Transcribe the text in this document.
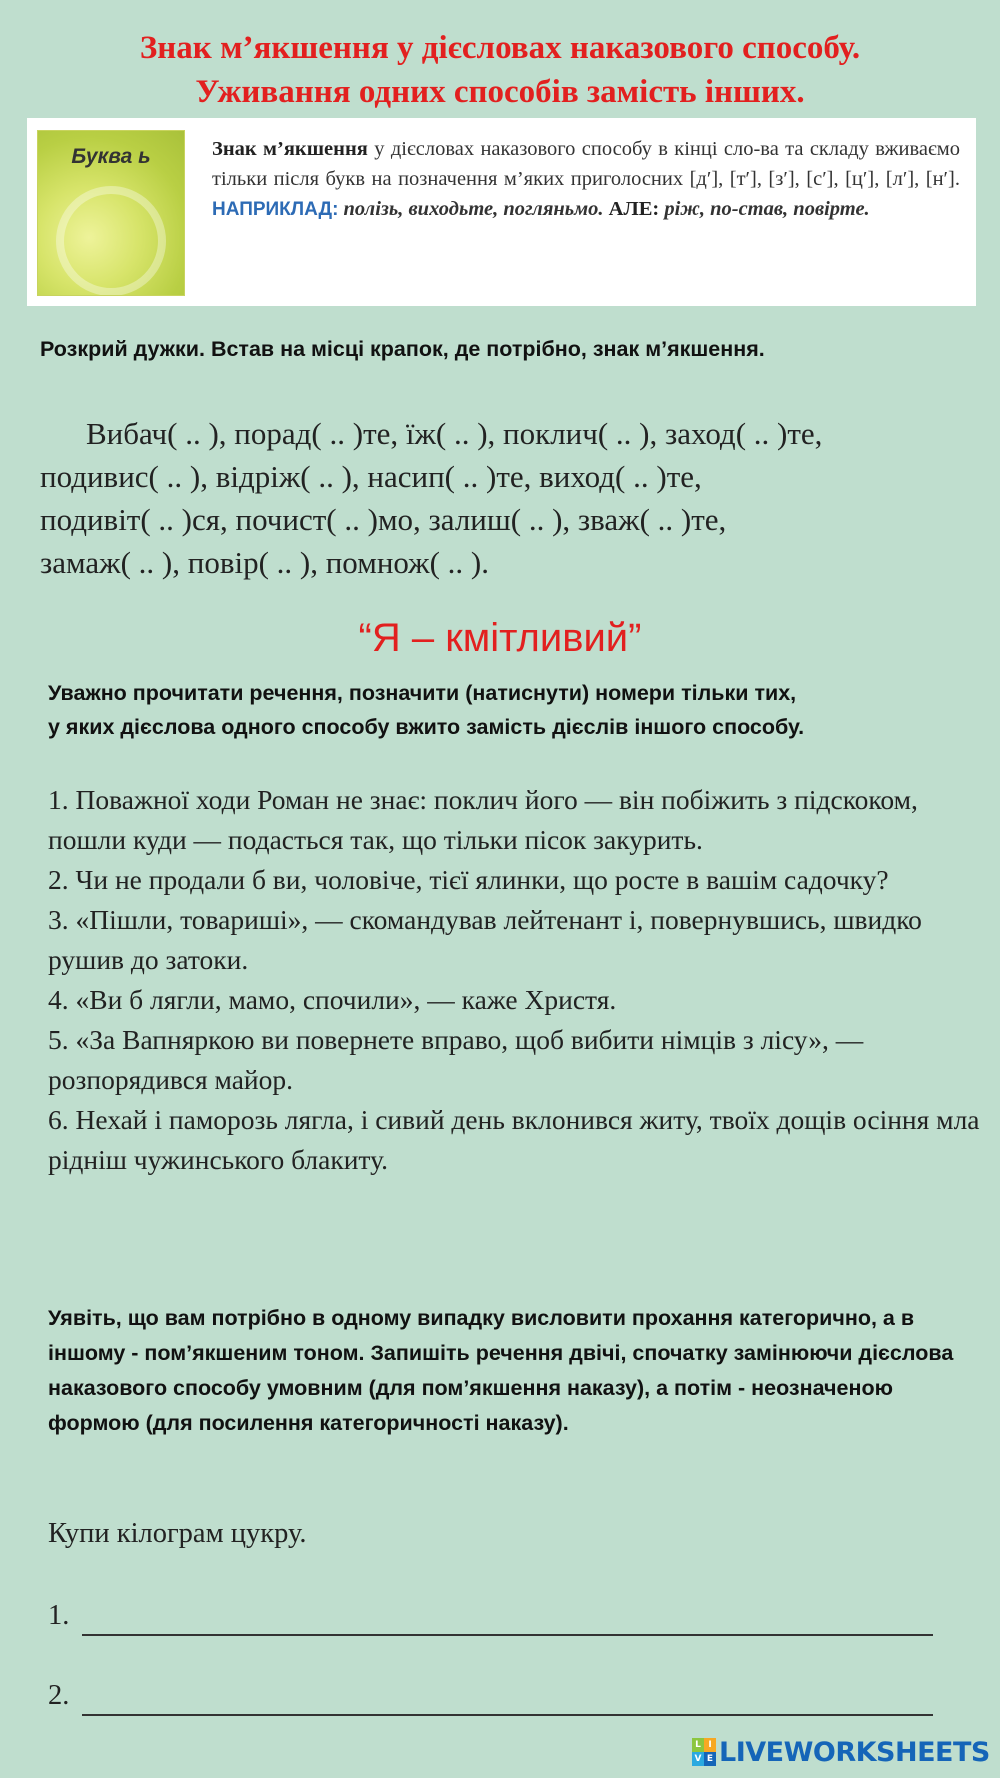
Знак м’якшення у дієсловах наказового способу.
Уживання одних способів замість інших.
Буква ь	Знак м’якшення у дієсловах наказового способу в кінці сло-ва та складу вживаємо тільки після букв на позначення м’яких приголосних [д′], [т′], [з′], [с′], [ц′], [л′], [н′]. НАПРИКЛАД: полізь, виходьте, погляньмо. АЛЕ: ріж, по-став, повірте.
Розкрий дужки. Встав на місці крапок, де потрібно, знак м’якшення.
Вибач( .. ), порад( .. )те, їж( .. ), поклич( .. ), заход( .. )те,
подивис( .. ), відріж( .. ), насип( .. )те, виход( .. )те,
подивіт( .. )ся, почист( .. )мо, залиш( .. ), зваж( .. )те,
замаж( .. ), повір( .. ), помнож( .. ).
“Я – кмітливий”
Уважно прочитати речення, позначити (натиснути) номери тільки тих,
у яких дієслова одного способу вжито замість дієслів іншого способу.
1. Поважної ходи Роман не знає: поклич його — він побіжить з підскоком, пошли куди — подасться так, що тільки пісок закурить.
2. Чи не продали б ви, чоловіче, тієї ялинки, що росте в вашім садочку?
3. «Пішли, товариші», — скомандував лейтенант і, повернувшись, швидко рушив до затоки.
4. «Ви б лягли, мамо, спочили», — каже Христя.
5. «За Вапняркою ви повернете вправо, щоб вибити німців з лісу», — розпорядився майор.
6. Нехай і паморозь лягла, і сивий день вклонився житу, твоїх дощів осіння мла рідніш чужинського блакиту.
Уявіть, що вам потрібно в одному випадку висловити прохання категорично, а в іншому - пом’якшеним тоном. Запишіть речення двічі, спочатку замінюючи дієслова наказового способу умовним (для пом’якшення наказу), а потім - неозначеною формою (для посилення категоричності наказу).
Купи кілограм цукру.
1.
2.
L I
V E LIVEWORKSHEETS
